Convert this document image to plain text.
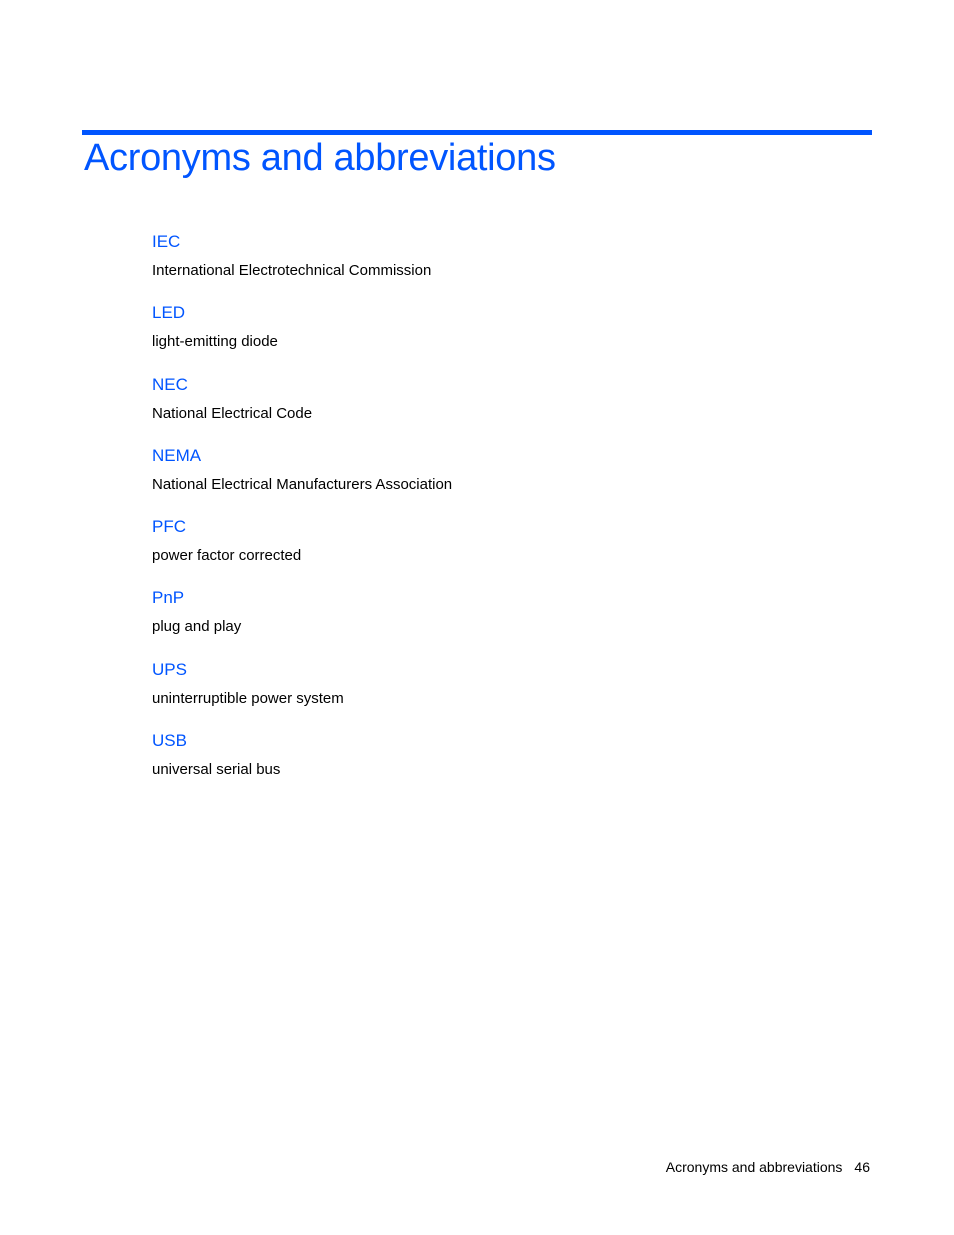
Acronyms and abbreviations
IEC
International Electrotechnical Commission
LED
light-emitting diode
NEC
National Electrical Code
NEMA
National Electrical Manufacturers Association
PFC
power factor corrected
PnP
plug and play
UPS
uninterruptible power system
USB
universal serial bus
Acronyms and abbreviations 46
